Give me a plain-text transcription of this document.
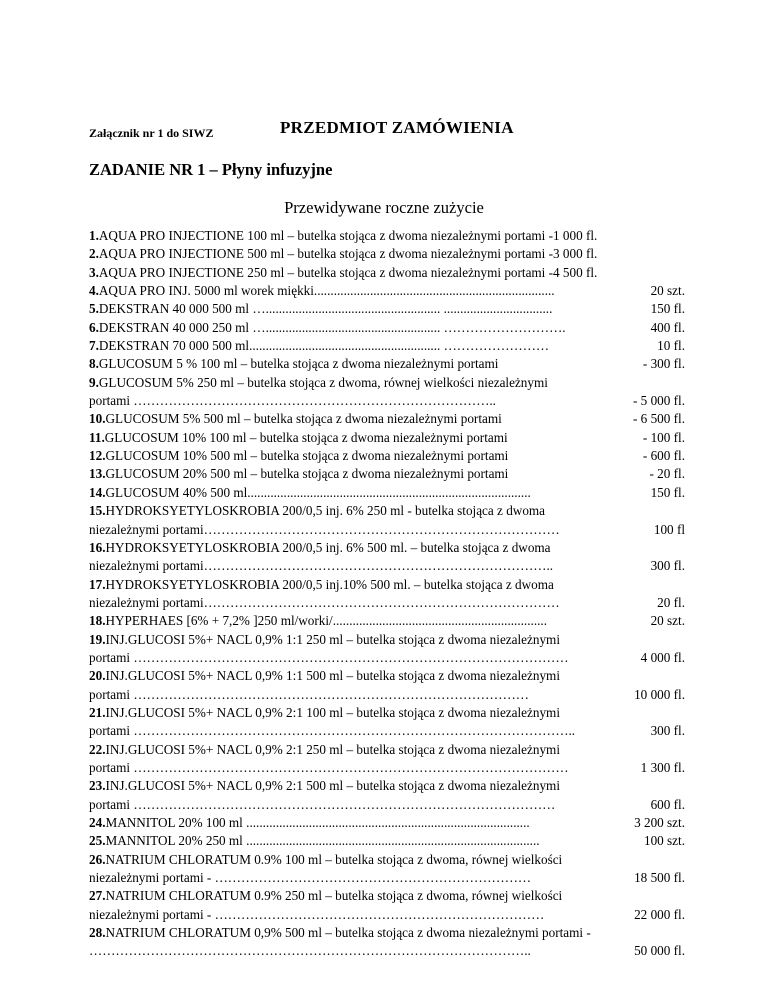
Załącznik nr 1 do SIWZ	PRZEDMIOT ZAMÓWIENIA
ZADANIE NR 1 – Płyny infuzyjne
Przewidywane roczne zużycie
1.AQUA PRO INJECTIONE 100 ml – butelka stojąca z dwoma niezależnymi portami -1 000 fl.
2.AQUA PRO INJECTIONE 500 ml – butelka stojąca z dwoma niezależnymi portami -3 000 fl.
3.AQUA PRO INJECTIONE 250 ml – butelka stojąca z dwoma niezależnymi portami -4 500 fl.
4.AQUA PRO INJ. 5000 ml worek miękki.........................................................................	20 szt.
5.DEKSTRAN 40 000 500 ml …..................................................... .................................	150 fl.
6.DEKSTRAN 40 000 250 ml …..................................................... ……………………….	400 fl.
7.DEKSTRAN 70 000 500 ml.......................................................... ……………………	10 fl.
8.GLUCOSUM 5 % 100 ml – butelka stojąca z dwoma niezależnymi portami	- 300 fl.
9.GLUCOSUM 5% 250 ml – butelka stojąca z dwoma, równej wielkości niezależnymi
portami ………………………………………………………………………..	- 5 000 fl.
10.GLUCOSUM 5% 500 ml – butelka stojąca z dwoma niezależnymi portami	- 6 500 fl.
11.GLUCOSUM 10% 100 ml – butelka stojąca z dwoma niezależnymi portami	- 100 fl.
12.GLUCOSUM 10% 500 ml – butelka stojąca z dwoma niezależnymi portami	- 600 fl.
13.GLUCOSUM 20% 500 ml – butelka stojąca z dwoma niezależnymi portami	- 20 fl.
14.GLUCOSUM 40% 500 ml......................................................................................	150 fl.
15.HYDROKSYETYLOSKROBIA 200/0,5 inj. 6% 250 ml - butelka stojąca z dwoma
niezależnymi portami………………………………………………………………………	100 fl
16.HYDROKSYETYLOSKROBIA 200/0,5 inj. 6% 500 ml. – butelka stojąca z dwoma
niezależnymi portami……………………………………………………………………..	300 fl.
17.HYDROKSYETYLOSKROBIA 200/0,5 inj.10% 500 ml. – butelka stojąca z dwoma
niezależnymi portami………………………………………………………………………	20 fl.
18.HYPERHAES [6% + 7,2% ]250 ml/worki/.................................................................	20 szt.
19.INJ.GLUCOSI 5%+ NACL 0,9% 1:1 250 ml – butelka stojąca z dwoma niezależnymi
portami ………………………………………………………………………………………	4 000 fl.
20.INJ.GLUCOSI 5%+ NACL 0,9% 1:1 500 ml – butelka stojąca z dwoma niezależnymi
portami ………………………………………………………………………………	10 000 fl.
21.INJ.GLUCOSI 5%+ NACL 0,9% 2:1 100 ml – butelka stojąca z dwoma niezależnymi
portami ………………………………………………………………………………………..	300 fl.
22.INJ.GLUCOSI 5%+ NACL 0,9% 2:1 250 ml – butelka stojąca z dwoma niezależnymi
portami ………………………………………………………………………………………	1 300 fl.
23.INJ.GLUCOSI 5%+ NACL 0,9% 2:1 500 ml – butelka stojąca z dwoma niezależnymi
portami ……………………………………………………………………………………	600 fl.
24.MANNITOL 20% 100 ml ......................................................................................	3 200 szt.
25.MANNITOL 20% 250 ml .........................................................................................	100 szt.
26.NATRIUM CHLORATUM 0.9% 100 ml – butelka stojąca z dwoma, równej wielkości
niezależnymi portami - ………………………………………………………………	18 500 fl.
27.NATRIUM CHLORATUM 0.9% 250 ml – butelka stojąca z dwoma, równej wielkości
niezależnymi portami - …………………………………………………………………	22 000 fl.
28.NATRIUM CHLORATUM 0,9% 500 ml – butelka stojąca z dwoma niezależnymi portami -
………………………………………………………………………………………..	50 000 fl.
